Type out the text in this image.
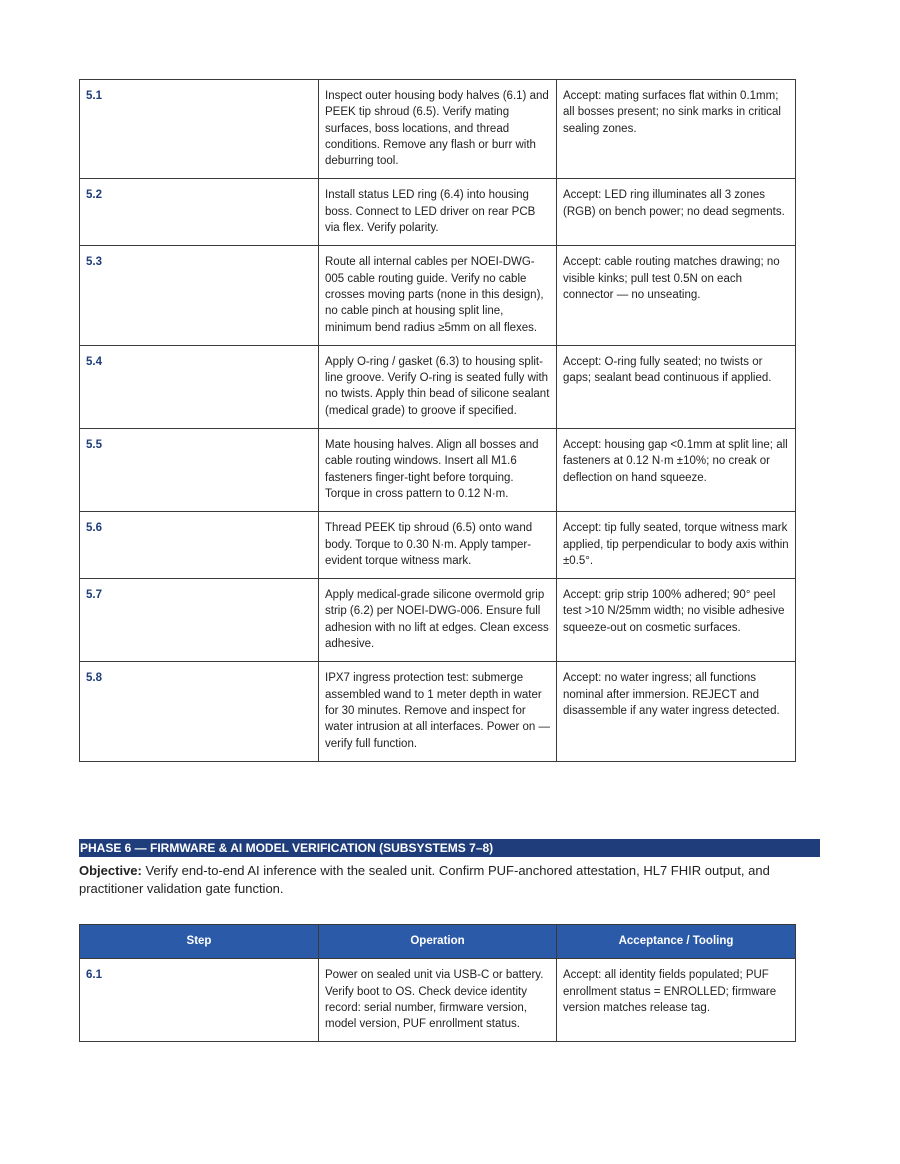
5.1	Inspect outer housing body halves (6.1) and PEEK tip shroud (6.5). Verify mating surfaces, boss locations, and thread conditions. Remove any flash or burr with deburring tool.	Accept: mating surfaces flat within 0.1mm; all bosses present; no sink marks in critical sealing zones.
5.2	Install status LED ring (6.4) into housing boss. Connect to LED driver on rear PCB via flex. Verify polarity.	Accept: LED ring illuminates all 3 zones (RGB) on bench power; no dead segments.
5.3	Route all internal cables per NOEI-DWG-005 cable routing guide. Verify no cable crosses moving parts (none in this design), no cable pinch at housing split line, minimum bend radius ≥5mm on all flexes.	Accept: cable routing matches drawing; no visible kinks; pull test 0.5N on each connector — no unseating.
5.4	Apply O-ring / gasket (6.3) to housing split-line groove. Verify O-ring is seated fully with no twists. Apply thin bead of silicone sealant (medical grade) to groove if specified.	Accept: O-ring fully seated; no twists or gaps; sealant bead continuous if applied.
5.5	Mate housing halves. Align all bosses and cable routing windows. Insert all M1.6 fasteners finger-tight before torquing. Torque in cross pattern to 0.12 N·m.	Accept: housing gap <0.1mm at split line; all fasteners at 0.12 N·m ±10%; no creak or deflection on hand squeeze.
5.6	Thread PEEK tip shroud (6.5) onto wand body. Torque to 0.30 N·m. Apply tamper-evident torque witness mark.	Accept: tip fully seated, torque witness mark applied, tip perpendicular to body axis within ±0.5°.
5.7	Apply medical-grade silicone overmold grip strip (6.2) per NOEI-DWG-006. Ensure full adhesion with no lift at edges. Clean excess adhesive.	Accept: grip strip 100% adhered; 90° peel test >10 N/25mm width; no visible adhesive squeeze-out on cosmetic surfaces.
5.8	IPX7 ingress protection test: submerge assembled wand to 1 meter depth in water for 30 minutes. Remove and inspect for water intrusion at all interfaces. Power on — verify full function.	Accept: no water ingress; all functions nominal after immersion. REJECT and disassemble if any water ingress detected.
PHASE 6 — FIRMWARE & AI MODEL VERIFICATION (SUBSYSTEMS 7–8)
Objective: Verify end-to-end AI inference with the sealed unit. Confirm PUF-anchored attestation, HL7 FHIR output, and practitioner validation gate function.
Step	Operation	Acceptance / Tooling
6.1	Power on sealed unit via USB-C or battery. Verify boot to OS. Check device identity record: serial number, firmware version, model version, PUF enrollment status.	Accept: all identity fields populated; PUF enrollment status = ENROLLED; firmware version matches release tag.
